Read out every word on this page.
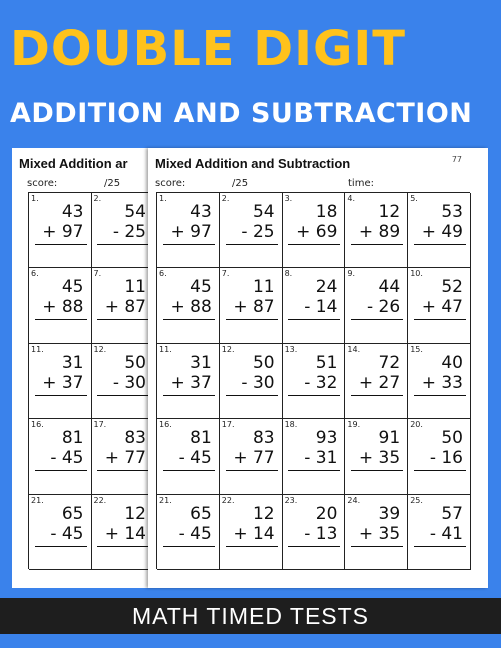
DOUBLE DIGIT
ADDITION AND SUBTRACTION
Mixed Addition ar
score:	/25
1.
43
+ 97
2.
54
- 25
6.
45
+ 88
7.
11
+ 87
11.
31
+ 37
12.
50
- 30
16.
81
- 45
17.
83
+ 77
21.
65
- 45
22.
12
+ 14
Mixed Addition and Subtraction	77
score:	/25	time:
1.
43
+ 97
2.
54
- 25
3.
18
+ 69
4.
12
+ 89
5.
53
+ 49
6.
45
+ 88
7.
11
+ 87
8.
24
- 14
9.
44
- 26
10.
52
+ 47
11.
31
+ 37
12.
50
- 30
13.
51
- 32
14.
72
+ 27
15.
40
+ 33
16.
81
- 45
17.
83
+ 77
18.
93
- 31
19.
91
+ 35
20.
50
- 16
21.
65
- 45
22.
12
+ 14
23.
20
- 13
24.
39
+ 35
25.
57
- 41
MATH TIMED TESTS
